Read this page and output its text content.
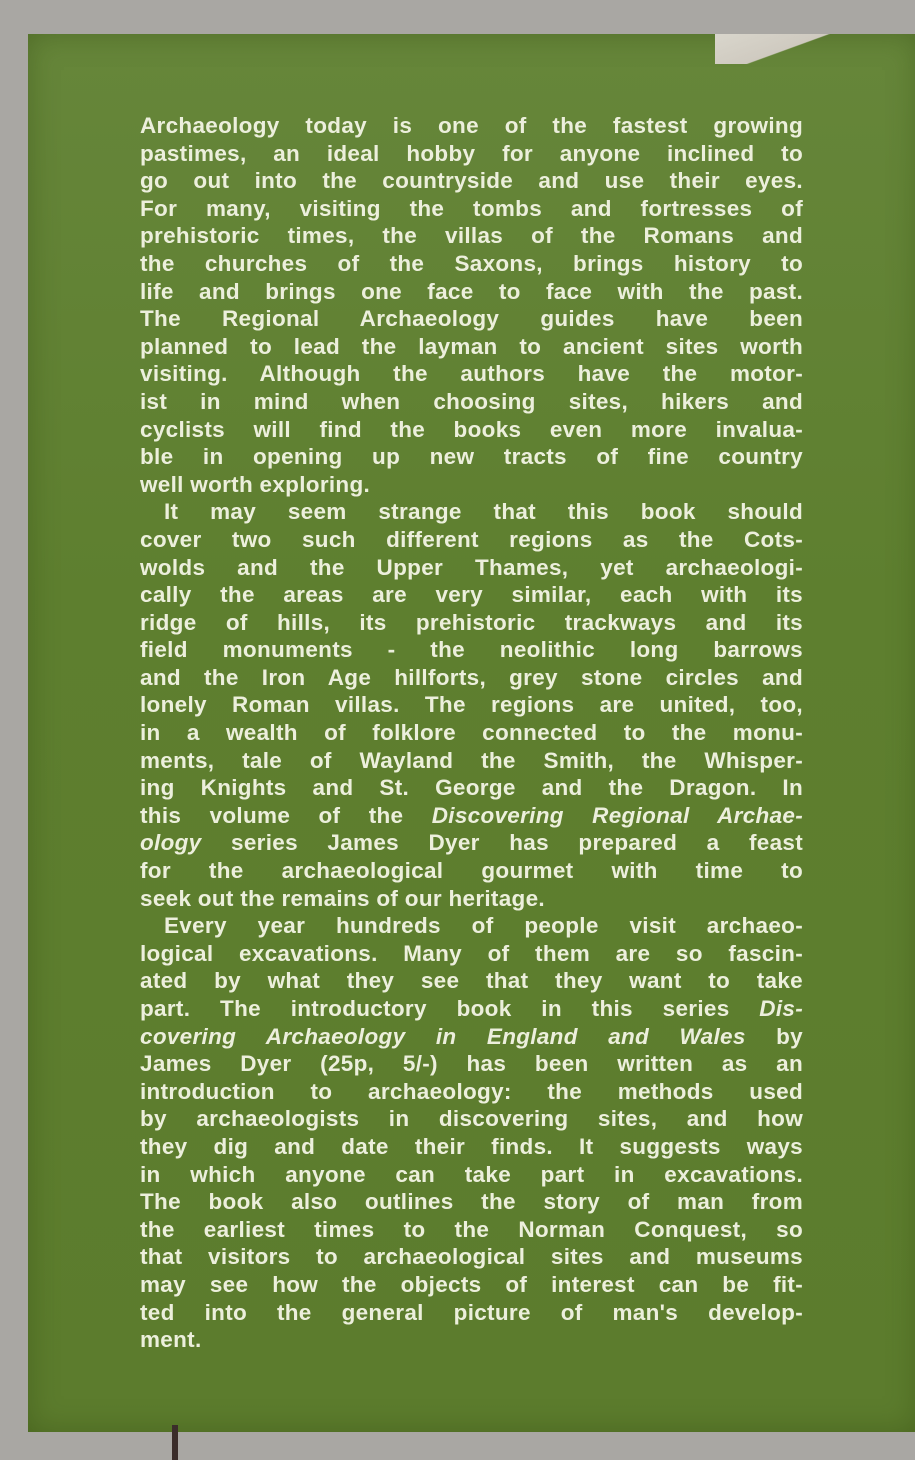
Archaeology today is one of the fastest growing
pastimes, an ideal hobby for anyone inclined to
go out into the countryside and use their eyes.
For many, visiting the tombs and fortresses of
prehistoric times, the villas of the Romans and
the churches of the Saxons, brings history to
life and brings one face to face with the past.
The Regional Archaeology guides have been
planned to lead the layman to ancient sites worth
visiting. Although the authors have the motor-
ist in mind when choosing sites, hikers and
cyclists will find the books even more invalua-
ble in opening up new tracts of fine country
well worth exploring.
It may seem strange that this book should
cover two such different regions as the Cots-
wolds and the Upper Thames, yet archaeologi-
cally the areas are very similar, each with its
ridge of hills, its prehistoric trackways and its
field monuments - the neolithic long barrows
and the Iron Age hillforts, grey stone circles and
lonely Roman villas. The regions are united, too,
in a wealth of folklore connected to the monu-
ments, tale of Wayland the Smith, the Whisper-
ing Knights and St. George and the Dragon. In
this volume of the Discovering Regional Archae-
ology series James Dyer has prepared a feast
for the archaeological gourmet with time to
seek out the remains of our heritage.
Every year hundreds of people visit archaeo-
logical excavations. Many of them are so fascin-
ated by what they see that they want to take
part. The introductory book in this series Dis-
covering Archaeology in England and Wales by
James Dyer (25p, 5/-) has been written as an
introduction to archaeology: the methods used
by archaeologists in discovering sites, and how
they dig and date their finds. It suggests ways
in which anyone can take part in excavations.
The book also outlines the story of man from
the earliest times to the Norman Conquest, so
that visitors to archaeological sites and museums
may see how the objects of interest can be fit-
ted into the general picture of man's develop-
ment.
